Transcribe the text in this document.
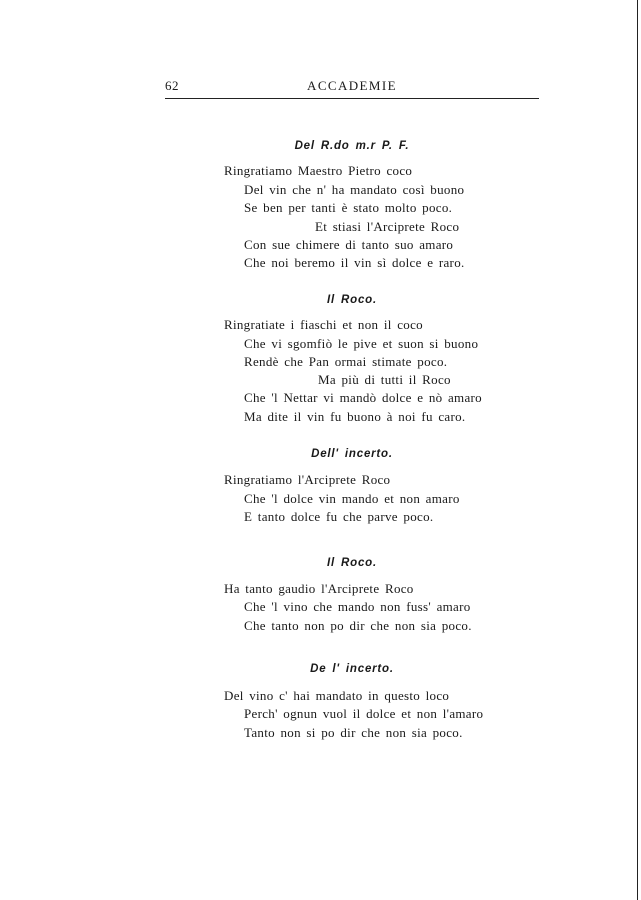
62	ACCADEMIE
Del R.do m.r P. F.
Ringratiamo Maestro Pietro coco
Del vin che n' ha mandato così buono
Se ben per tanti è stato molto poco.
Et stiasi l'Arciprete Roco
Con sue chimere di tanto suo amaro
Che noi beremo il vin sì dolce e raro.
Il Roco.
Ringratiate i fiaschi et non il coco
Che vi sgomfiò le pive et suon si buono
Rendè che Pan ormai stimate poco.
Ma più di tutti il Roco
Che 'l Nettar vi mandò dolce e nò amaro
Ma dite il vin fu buono à noi fu caro.
Dell' incerto.
Ringratiamo l'Arciprete Roco
Che 'l dolce vin mando et non amaro
E tanto dolce fu che parve poco.
Il Roco.
Ha tanto gaudio l'Arciprete Roco
Che 'l vino che mando non fuss' amaro
Che tanto non po dir che non sia poco.
De l' incerto.
Del vino c' hai mandato in questo loco
Perch' ognun vuol il dolce et non l'amaro
Tanto non si po dir che non sia poco.
